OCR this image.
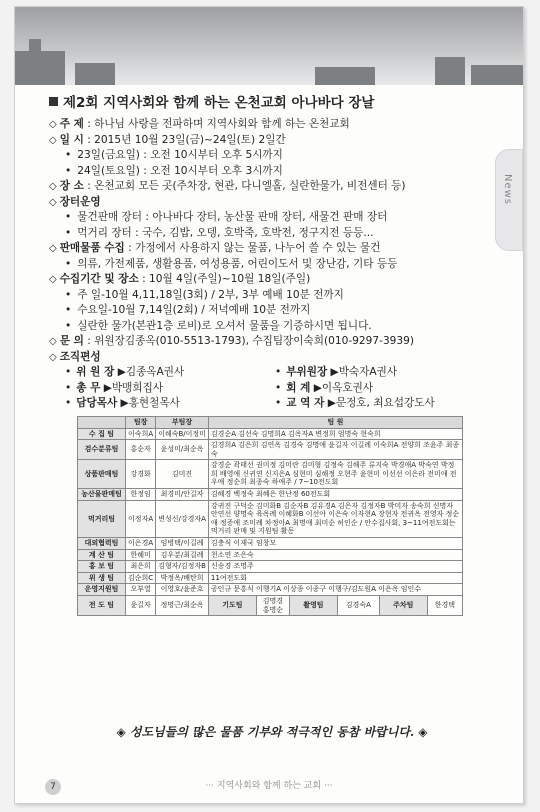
News
제2회 지역사회와 함께 하는 온천교회 아나바다 장날
◇ 주 제 : 하나님 사랑을 전파하며 지역사회와 함께 하는 온천교회
◇ 일 시 : 2015년 10월 23일(금)~24일(토) 2일간
• 23일(금요일) : 오전 10시부터 오후 5시까지
• 24일(토요일) : 오전 10시부터 오후 3시까지
◇ 장 소 : 온천교회 모든 곳(주차장, 현관, 다니엘홀, 실란한물가, 비전센터 등)
◇ 장터운영
• 물건판매 장터 : 아나바다 장터, 농산물 판매 장터, 새물건 판매 장터
• 먹거리 장터 : 국수, 김밥, 오뎅, 호박죽, 호박전, 정구지전 등등...
◇ 판매물품 수집 : 가정에서 사용하지 않는 물품, 나누어 쓸 수 있는 물건
• 의류, 가전제품, 생활용품, 여성용품, 어린이도서 및 장난감, 기타 등등
◇ 수집기간 및 장소 : 10월 4일(주일)~10월 18일(주일)
• 주 일-10월 4,11,18일(3회) / 2부, 3부 예배 10분 전까지
• 수요일-10월 7,14일(2회) / 저녁예배 10분 전까지
• 실란한 물가(본관1층 로비)로 오셔서 물품을 기증하시면 됩니다.
◇ 문 의 : 위원장김종옥(010-5513-1793), 수집팀장이숙희(010-9297-3939)
◇ 조직편성
• 위 원 장 ▶김종옥A권사	• 부위원장 ▶박숙자A권사
• 총 무 ▶박맹희집사	• 회 계 ▶이옥호권사
• 담당목사 ▶홍현철목사	• 교 역 자 ▶문정호, 최요섭강도사
	팀장	부팀장	팀 원					
수 집 팀	이숙희A	이해숙B/이정미	김경순A 김선숙 김명희A 김옥자A 변정희 엄명숙 현숙희					
검수분류팀	홍순자	윤성미/최순옥	김경희A 김은희 김연옥 김경숙 김명애 윤길자 이길례 이숙희A 전양희 조윤주 최종숙					
상품판매팀	강경화	김미진	강경순 곽태선 권미정 김미란 김미형 김정숙 김해주 류지숙 박경애A 박숙연 박정희 배영애 신귀연 신지은A 심현미 심해정 오현주 윤현미 이선선 이은라 전미애 전우애 정순희 최종숙 하애주 / 7~10전도회					
농산물판매팀	한정임	최경미/안길자	김혜경 백정숙 최혜은 한난정 60전도회					
먹거리팀	이정자A	변성신/강경자A	강귀진 구덕순 김미화B 김순자B 김유경A 김은자 김정자B 박미자 송숙희 신명자 안연선 양명숙 육옥례 이혜화B 이선아 이은숙 이자현A 장현자 전귀옥 전영자 정순애 정증애 조미례 차정아A 최명애 최미순 허인순 / 안수집사회, 3~11여전도회는 먹거리 판매 및 지원팀 활동					
대외협력팀	이은경A	임병택/이길례	김충식 이재국 임창모					
계 산 팀	한혜미	김우분/최길례	천소연 조은숙					
홍 보 팀	최은희	김형자/김정자B	신송경 조명주					
위 생 팀	김순희C	박정옥/배탄희	11여전도회					
운영지원팀	오부열	이영호/윤준호	공인규 문흥식 이행기A 이상종 이종구 이행구/김도원A 이은옥 임인수					
전 도 팀	윤길자	정명근/최순옥	기도팀	김명경 홍명순	촬영팀	김경숙A	주차팀	한경택
◈ 성도님들의 많은 물품 기부와 적극적인 동참 바랍니다. ◈
7	··· 지역사회와 함께 하는 교회 ···
